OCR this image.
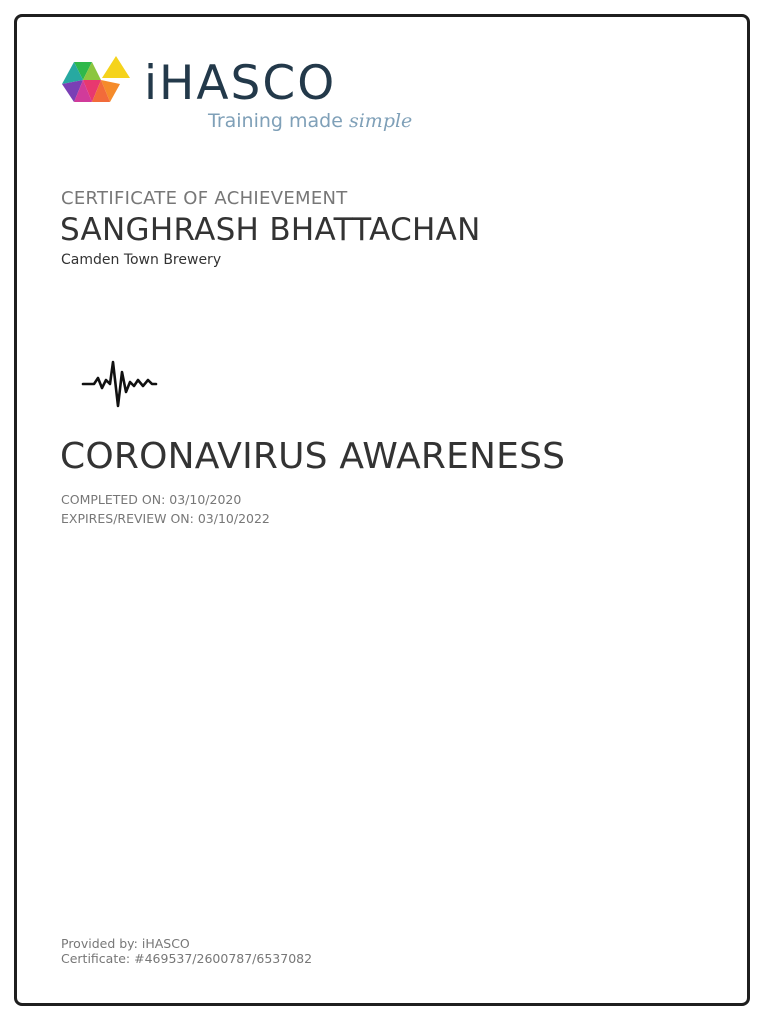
iHASCO
Training made simple
CERTIFICATE OF ACHIEVEMENT
SANGHRASH BHATTACHAN
Camden Town Brewery
CORONAVIRUS AWARENESS
COMPLETED ON: 03/10/2020
EXPIRES/REVIEW ON: 03/10/2022
Provided by: iHASCO
Certificate: #469537/2600787/6537082
